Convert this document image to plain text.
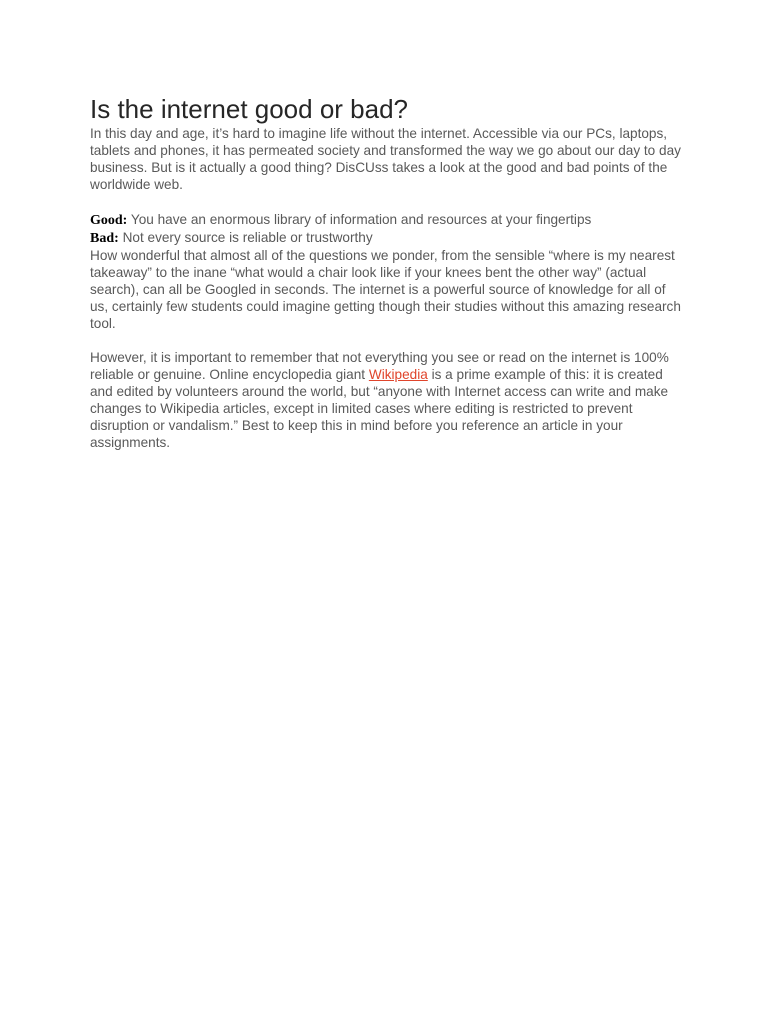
Is the internet good or bad?

In this day and age, it’s hard to imagine life without the internet. Accessible via our PCs, laptops, tablets and phones, it has permeated society and transformed the way we go about our day to day business. But is it actually a good thing? DisCUss takes a look at the good and bad points of the worldwide web.

Good: You have an enormous library of information and resources at your fingertips
Bad: Not every source is reliable or trustworthy

How wonderful that almost all of the questions we ponder, from the sensible “where is my nearest takeaway” to the inane “what would a chair look like if your knees bent the other way” (actual search), can all be Googled in seconds. The internet is a powerful source of knowledge for all of us, certainly few students could imagine getting though their studies without this amazing research tool.

However, it is important to remember that not everything you see or read on the internet is 100% reliable or genuine. Online encyclopedia giant Wikipedia is a prime example of this: it is created and edited by volunteers around the world, but “anyone with Internet access can write and make changes to Wikipedia articles, except in limited cases where editing is restricted to prevent disruption or vandalism.” Best to keep this in mind before you reference an article in your assignments.
